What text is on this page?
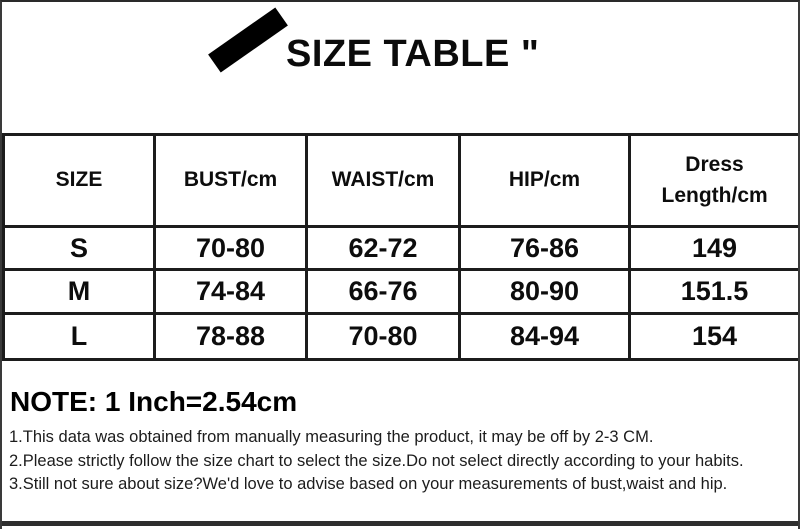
SIZE TABLE "
SIZE	BUST/cm	WAIST/cm	HIP/cm	Dress Length/cm
S	70-80	62-72	76-86	149
M	74-84	66-76	80-90	151.5
L	78-88	70-80	84-94	154
NOTE: 1 Inch=2.54cm
1.This data was obtained from manually measuring the product, it may be off by 2-3 CM.
2.Please strictly follow the size chart to select the size.Do not select directly according to your habits.
3.Still not sure about size?We'd love to advise based on your measurements of bust,waist and hip.
